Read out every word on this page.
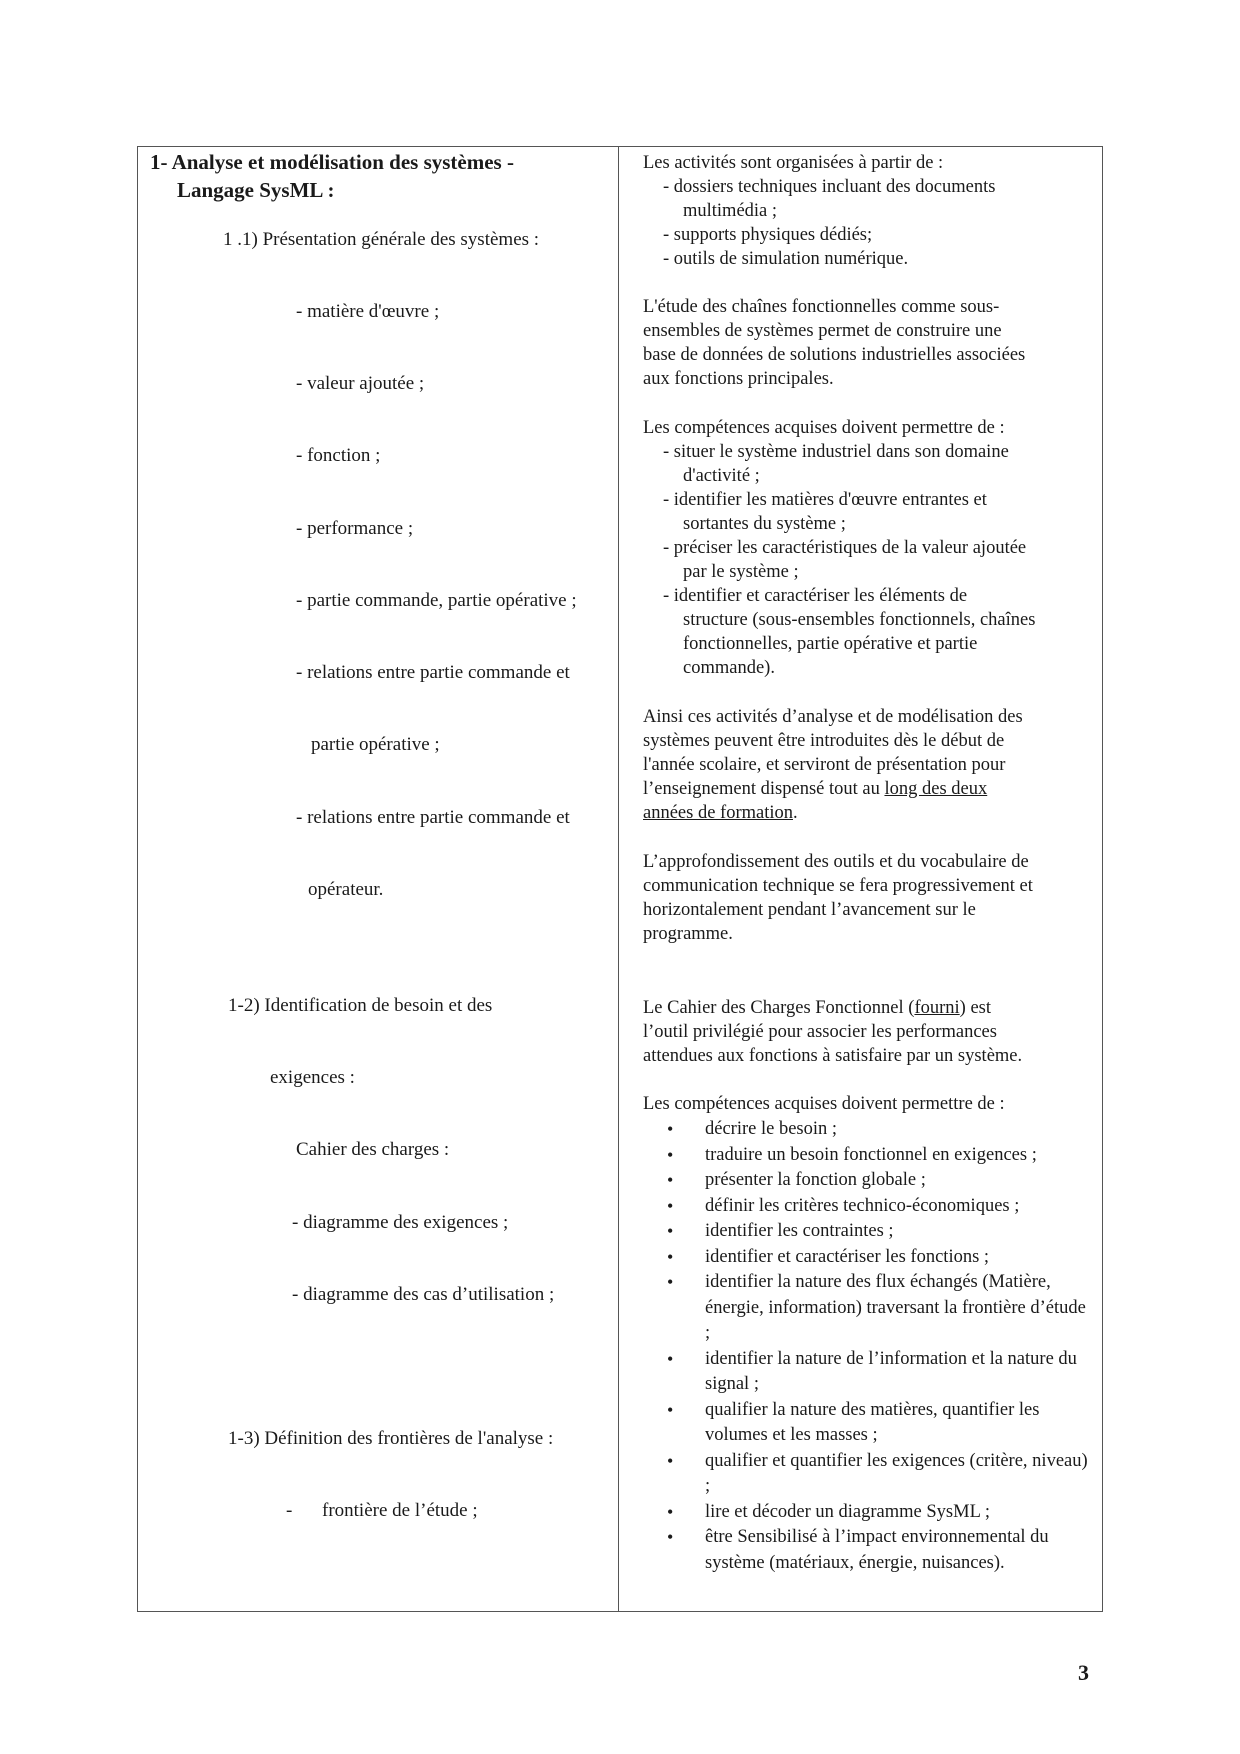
1- Analyse et modélisation des systèmes -
Langage SysML :
1 .1) Présentation générale des systèmes :
- matière d'œuvre ;
- valeur ajoutée ;
- fonction ;
- performance ;
- partie commande, partie opérative ;
- relations entre partie commande et
partie opérative ;
- relations entre partie commande et
opérateur.
1-2) Identification de besoin et des
exigences :
Cahier des charges :
- diagramme des exigences ;
- diagramme des cas d’utilisation ;
1-3) Définition des frontières de l'analyse :
- frontière de l’étude ;
Les activités sont organisées à partir de :
- dossiers techniques incluant des documents
multimédia ;
- supports physiques dédiés;
- outils de simulation numérique.
L'étude des chaînes fonctionnelles comme sous-
ensembles de systèmes permet de construire une
base de données de solutions industrielles associées
aux fonctions principales.
Les compétences acquises doivent permettre de :
- situer le système industriel dans son domaine
d'activité ;
- identifier les matières d'œuvre entrantes et
sortantes du système ;
- préciser les caractéristiques de la valeur ajoutée
par le système ;
- identifier et caractériser les éléments de
structure (sous-ensembles fonctionnels, chaînes
fonctionnelles, partie opérative et partie
commande).
Ainsi ces activités d’analyse et de modélisation des
systèmes peuvent être introduites dès le début de
l'année scolaire, et serviront de présentation pour
l’enseignement dispensé tout au long des deux
années de formation.
L’approfondissement des outils et du vocabulaire de
communication technique se fera progressivement et
horizontalement pendant l’avancement sur le
programme.
Le Cahier des Charges Fonctionnel (fourni) est
l’outil privilégié pour associer les performances
attendues aux fonctions à satisfaire par un système.
Les compétences acquises doivent permettre de :
• décrire le besoin ;
• traduire un besoin fonctionnel en exigences ;
• présenter la fonction globale ;
• définir les critères technico-économiques ;
• identifier les contraintes ;
• identifier et caractériser les fonctions ;
• identifier la nature des flux échangés (Matière, énergie, information) traversant la frontière d’étude ;
• identifier la nature de l’information et la nature du signal ;
• qualifier la nature des matières, quantifier les volumes et les masses ;
• qualifier et quantifier les exigences (critère, niveau) ;
• lire et décoder un diagramme SysML ;
• être Sensibilisé à l’impact environnemental du système (matériaux, énergie, nuisances).
3
